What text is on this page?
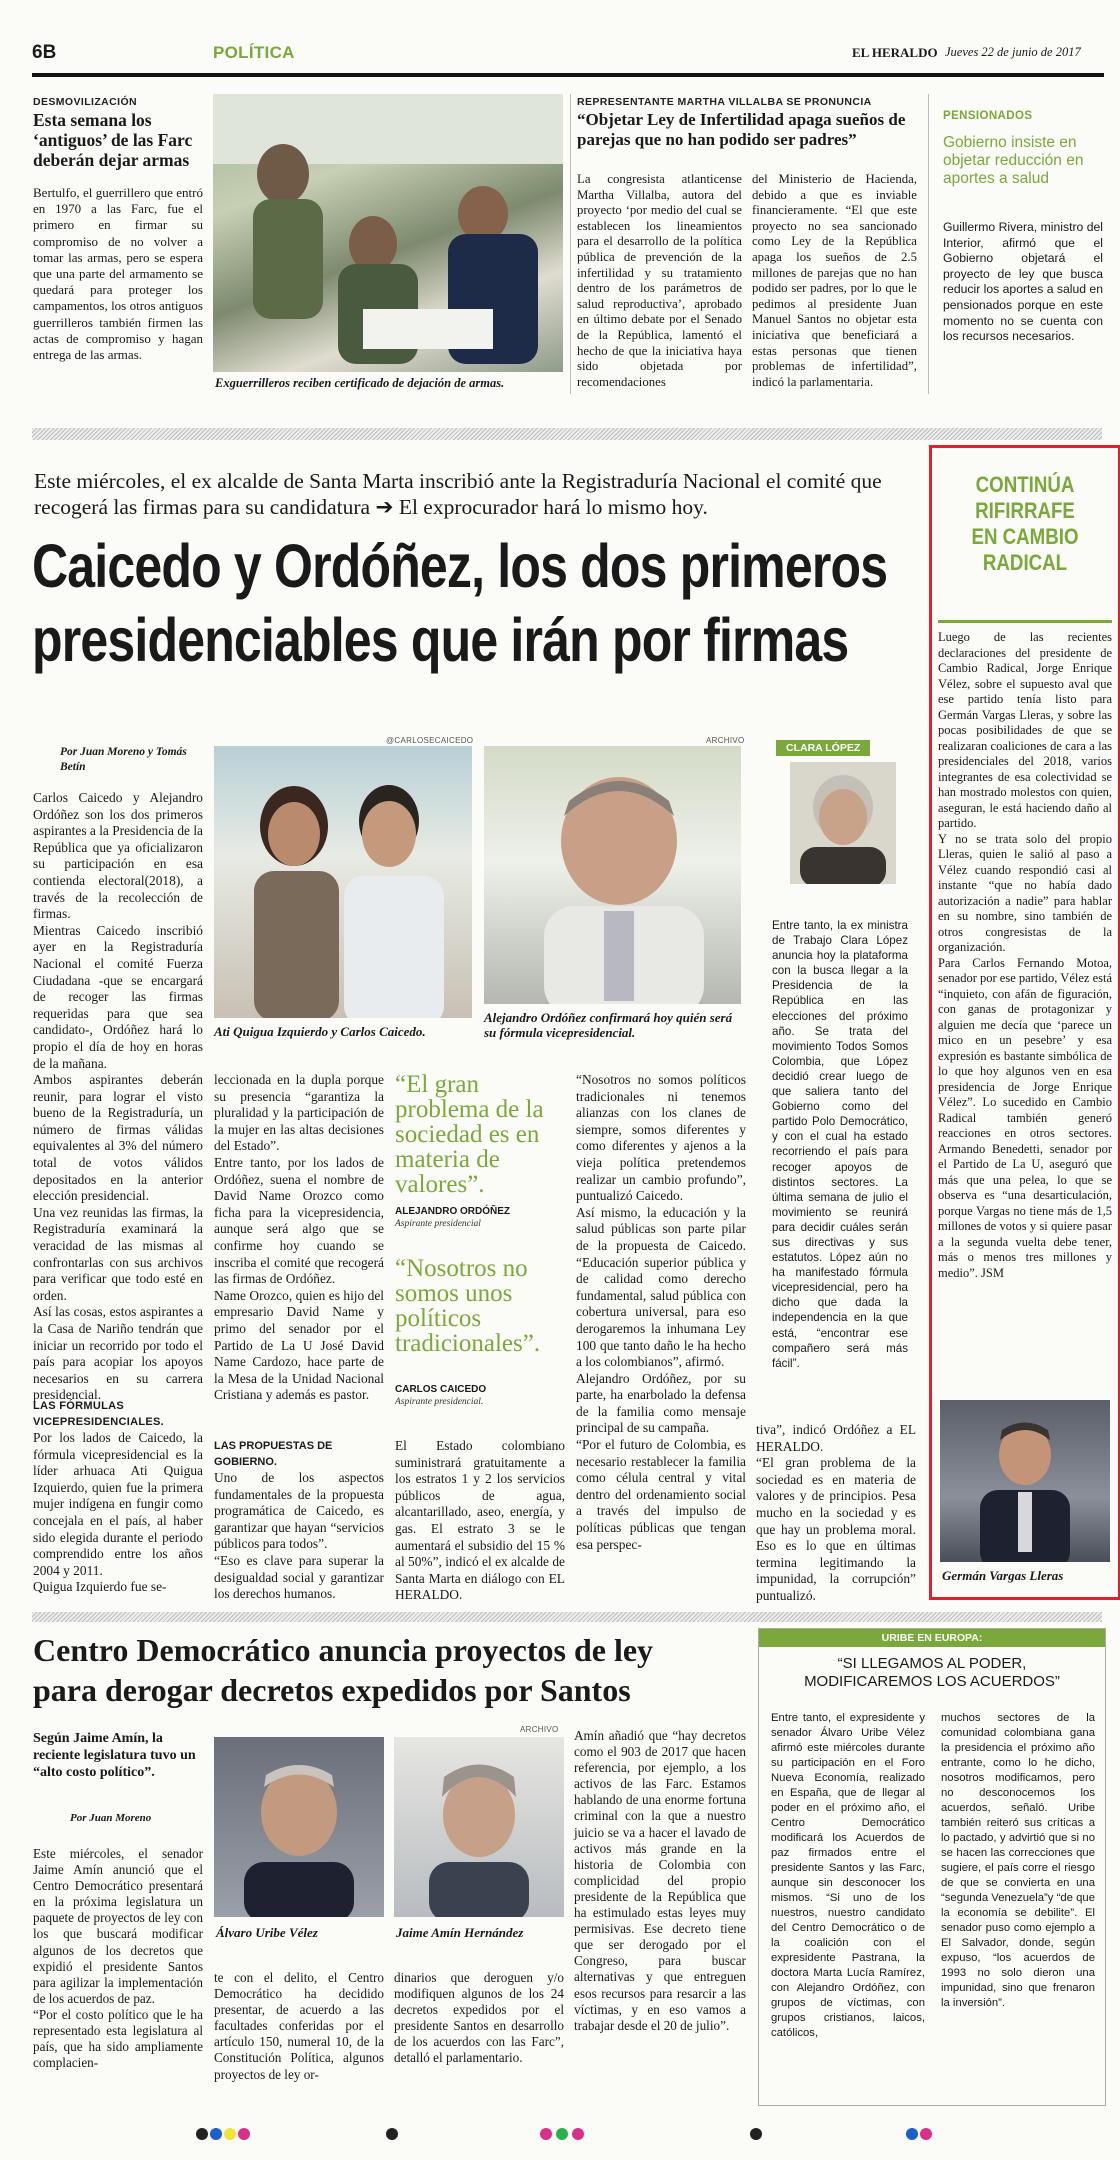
6B	POLÍTICA	EL HERALDO Jueves 22 de junio de 2017
DESMOVILIZACIÓN
Esta semana los ‘antiguos’ de las Farc deberán dejar armas
Bertulfo, el guerrillero que entró en 1970 a las Farc, fue el primero en firmar su compromiso de no volver a tomar las armas, pero se espera que una parte del armamento se quedará para proteger los campamentos, los otros antiguos guerrilleros también firmen las actas de compromiso y hagan entrega de las armas.
Exguerrilleros reciben certificado de dejación de armas.
REPRESENTANTE MARTHA VILLALBA SE PRONUNCIA
“Objetar Ley de Infertilidad apaga sueños de parejas que no han podido ser padres”
La congresista atlanticense Martha Villalba, autora del proyecto ‘por medio del cual se establecen los lineamientos para el desarrollo de la política pública de prevención de la infertilidad y su tratamiento dentro de los parámetros de salud reproductiva’, aprobado en último debate por el Senado de la República, lamentó el hecho de que la iniciativa haya sido objetada por recomendaciones
del Ministerio de Hacienda, debido a que es inviable financieramente. “El que este proyecto no sea sancionado como Ley de la República apaga los sueños de 2.5 millones de parejas que no han podido ser padres, por lo que le pedimos al presidente Juan Manuel Santos no objetar esta iniciativa que beneficiará a estas personas que tienen problemas de infertilidad”, indicó la parlamentaria.
PENSIONADOS
Gobierno insiste en objetar reducción en aportes a salud
Guillermo Rivera, ministro del Interior, afirmó que el Gobierno objetará el proyecto de ley que busca reducir los aportes a salud en pensionados porque en este momento no se cuenta con los recursos necesarios.
Este miércoles, el ex alcalde de Santa Marta inscribió ante la Registraduría Nacional el comité que recogerá las firmas para su candidatura ➔ El exprocurador hará lo mismo hoy.
Caicedo y Ordóñez, los dos primeros
presidenciables que irán por firmas
Por Juan Moreno y Tomás Betín
Carlos Caicedo y Alejandro Ordóñez son los dos primeros aspirantes a la Presidencia de la República que ya oficializaron su participación en esa contienda electoral(2018), a través de la recolección de firmas.
Mientras Caicedo inscribió ayer en la Registraduría Nacional el comité Fuerza Ciudadana -que se encargará de recoger las firmas requeridas para que sea candidato-, Ordóñez hará lo propio el día de hoy en horas de la mañana.
Ambos aspirantes deberán reunir, para lograr el visto bueno de la Registraduría, un número de firmas válidas equivalentes al 3% del número total de votos válidos depositados en la anterior elección presidencial.
Una vez reunidas las firmas, la Registraduría examinará la veracidad de las mismas al confrontarlas con sus archivos para verificar que todo esté en orden.
Así las cosas, estos aspirantes a la Casa de Nariño tendrán que iniciar un recorrido por todo el país para acopiar los apoyos necesarios en su carrera presidencial.
LAS FÓRMULAS VICEPRESIDENCIALES.
Por los lados de Caicedo, la fórmula vicepresidencial es la líder arhuaca Ati Quigua Izquierdo, quien fue la primera mujer indígena en fungir como concejala en el país, al haber sido elegida durante el periodo comprendido entre los años 2004 y 2011.
Quigua Izquierdo fue se-
@CARLOSECAICEDO
Ati Quigua Izquierdo y Carlos Caicedo.
ARCHIVO
Alejandro Ordóñez confirmará hoy quién será su fórmula vicepresidencial.
CLARA LÓPEZ
Entre tanto, la ex ministra de Trabajo Clara López anuncia hoy la plataforma con la busca llegar a la Presidencia de la República en las elecciones del próximo año. Se trata del movimiento Todos Somos Colombia, que López decidió crear luego de que saliera tanto del Gobierno como del partido Polo Democrático, y con el cual ha estado recorriendo el país para recoger apoyos de distintos sectores. La última semana de julio el movimiento se reunirá para decidir cuáles serán sus directivas y sus estatutos. López aún no ha manifestado fórmula vicepresidencial, pero ha dicho que dada la independencia en la que está, “encontrar ese compañero será más fácil”.
leccionada en la dupla porque su presencia “garantiza la pluralidad y la participación de la mujer en las altas decisiones del Estado”.
Entre tanto, por los lados de Ordóñez, suena el nombre de David Name Orozco como ficha para la vicepresidencia, aunque será algo que se confirme hoy cuando se inscriba el comité que recogerá las firmas de Ordóñez.
Name Orozco, quien es hijo del empresario David Name y primo del senador por el Partido de La U José David Name Cardozo, hace parte de la Mesa de la Unidad Nacional Cristiana y además es pastor.
LAS PROPUESTAS DE GOBIERNO.
Uno de los aspectos fundamentales de la propuesta programática de Caicedo, es garantizar que hayan “servicios públicos para todos”.
“Eso es clave para superar la desigualdad social y garantizar los derechos humanos.
“El gran problema de la sociedad es en materia de valores”.
ALEJANDRO ORDÓÑEZ
Aspirante presidencial
“Nosotros no somos unos políticos tradicionales”.
CARLOS CAICEDO
Aspirante presidencial.
El Estado colombiano suministrará gratuitamente a los estratos 1 y 2 los servicios públicos de agua, alcantarillado, aseo, energía, y gas. El estrato 3 se le aumentará el subsidio del 15 % al 50%”, indicó el ex alcalde de Santa Marta en diálogo con EL HERALDO.
“Nosotros no somos políticos tradicionales ni tenemos alianzas con los clanes de siempre, somos diferentes y como diferentes y ajenos a la vieja política pretendemos realizar un cambio profundo”, puntualizó Caicedo.
Así mismo, la educación y la salud públicas son parte pilar de la propuesta de Caicedo. “Educación superior pública y de calidad como derecho fundamental, salud pública con cobertura universal, para eso derogaremos la inhumana Ley 100 que tanto daño le ha hecho a los colombianos”, afirmó.
Alejandro Ordóñez, por su parte, ha enarbolado la defensa de la familia como mensaje principal de su campaña.
“Por el futuro de Colombia, es necesario restablecer la familia como célula central y vital dentro del ordenamiento social a través del impulso de políticas públicas que tengan esa perspec-
tiva”, indicó Ordóñez a EL HERALDO.
“El gran problema de la sociedad es en materia de valores y de principios. Pesa mucho en la sociedad y es que hay un problema moral. Eso es lo que en últimas termina legitimando la impunidad, la corrupción” puntualizó.
CONTINÚA
RIFIRRAFE
EN CAMBIO
RADICAL
Luego de las recientes declaraciones del presidente de Cambio Radical, Jorge Enrique Vélez, sobre el supuesto aval que ese partido tenía listo para Germán Vargas Lleras, y sobre las pocas posibilidades de que se realizaran coaliciones de cara a las presidenciales del 2018, varios integrantes de esa colectividad se han mostrado molestos con quien, aseguran, le está haciendo daño al partido.
Y no se trata solo del propio Lleras, quien le salió al paso a Vélez cuando respondió casi al instante “que no había dado autorización a nadie” para hablar en su nombre, sino también de otros congresistas de la organización.
Para Carlos Fernando Motoa, senador por ese partido, Vélez está “inquieto, con afán de figuración, con ganas de protagonizar y alguien me decía que ‘parece un mico en un pesebre’ y esa expresión es bastante simbólica de lo que hoy algunos ven en esa presidencia de Jorge Enrique Vélez”. Lo sucedido en Cambio Radical también generó reacciones en otros sectores. Armando Benedetti, senador por el Partido de La U, aseguró que más que una pelea, lo que se observa es “una desarticulación, porque Vargas no tiene más de 1,5 millones de votos y si quiere pasar a la segunda vuelta debe tener, más o menos tres millones y medio”. JSM
Germán Vargas Lleras
Centro Democrático anuncia proyectos de ley
para derogar decretos expedidos por Santos
Según Jaime Amín, la reciente legislatura tuvo un “alto costo político”.
Por Juan Moreno
Este miércoles, el senador Jaime Amín anunció que el Centro Democrático presentará en la próxima legislatura un paquete de proyectos de ley con los que buscará modificar algunos de los decretos que expidió el presidente Santos para agilizar la implementación de los acuerdos de paz.
“Por el costo político que le ha representado esta legislatura al país, que ha sido ampliamente complacien-
ARCHIVO
Álvaro Uribe Vélez	Jaime Amín Hernández
te con el delito, el Centro Democrático ha decidido presentar, de acuerdo a las facultades conferidas por el artículo 150, numeral 10, de la Constitución Política, algunos proyectos de ley or-
dinarios que deroguen y/o modifiquen algunos de los 24 decretos expedidos por el presidente Santos en desarrollo de los acuerdos con las Farc”, detalló el parlamentario.
Amín añadió que “hay decretos como el 903 de 2017 que hacen referencia, por ejemplo, a los activos de las Farc. Estamos hablando de una enorme fortuna criminal con la que a nuestro juicio se va a hacer el lavado de activos más grande en la historia de Colombia con complicidad del propio presidente de la República que ha estimulado estas leyes muy permisivas. Ese decreto tiene que ser derogado por el Congreso, para buscar alternativas y que entreguen esos recursos para resarcir a las víctimas, y en eso vamos a trabajar desde el 20 de julio”.
URIBE EN EUROPA:
“SI LLEGAMOS AL PODER, MODIFICAREMOS LOS ACUERDOS”
Entre tanto, el expresidente y senador Álvaro Uribe Vélez afirmó este miércoles durante su participación en el Foro Nueva Economía, realizado en España, que de llegar al poder en el próximo año, el Centro Democrático modificará los Acuerdos de paz firmados entre el presidente Santos y las Farc, aunque sin desconocer los mismos. “Si uno de los nuestros, nuestro candidato del Centro Democrático o de la coalición con el expresidente Pastrana, la doctora Marta Lucía Ramírez, con Alejandro Ordóñez, con grupos de víctimas, con grupos cristianos, laicos, católicos,
muchos sectores de la comunidad colombiana gana la presidencia el próximo año entrante, como lo he dicho, nosotros modificamos, pero no desconocemos los acuerdos, señaló. Uribe también reiteró sus críticas a lo pactado, y advirtió que si no se hacen las correcciones que sugiere, el país corre el riesgo de que se convierta en una “segunda Venezuela”y “de que la economía se debilite”. El senador puso como ejemplo a El Salvador, donde, según expuso, “los acuerdos de 1993 no solo dieron una impunidad, sino que frenaron la inversión”.
